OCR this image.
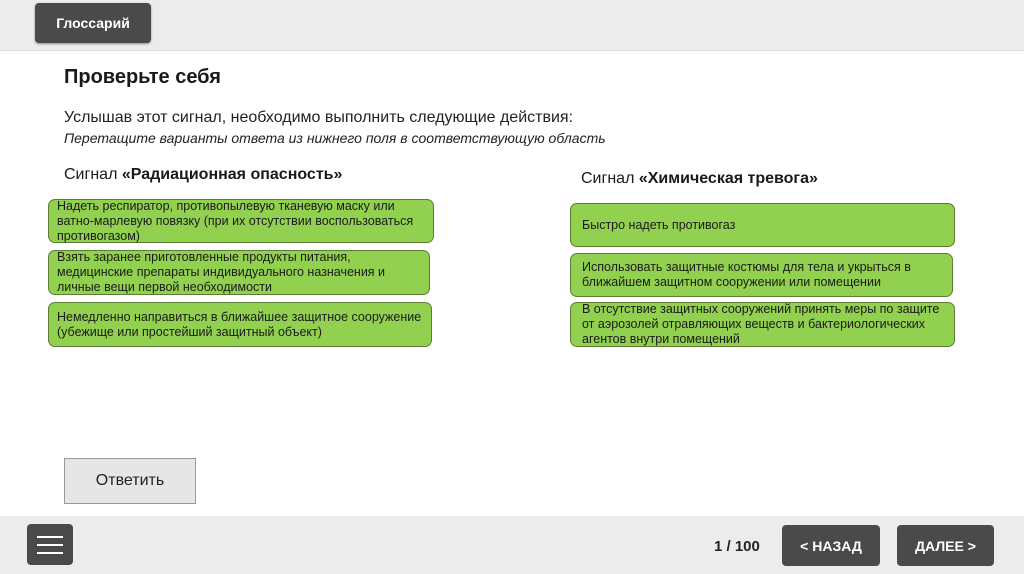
Глоссарий
Проверьте себя
Услышав этот сигнал, необходимо выполнить следующие действия:
Перетащите варианты ответа из нижнего поля в соответствующую область
Сигнал «Радиационная опасность»
Надеть респиратор, противопылевую тканевую маску или ватно-марлевую повязку (при их отсутствии воспользоваться противогазом)
Взять заранее приготовленные продукты питания, медицинские препараты индивидуального назначения и личные вещи первой необходимости
Немедленно направиться в ближайшее защитное сооружение (убежище или простейший защитный объект)
Сигнал «Химическая тревога»
Быстро надеть противогаз
Использовать защитные костюмы для тела и укрыться в ближайшем защитном сооружении или помещении
В отсутствие защитных сооружений принять меры по защите от аэрозолей отравляющих веществ и бактериологических агентов внутри помещений
Ответить
1 / 100	< НАЗАД	ДАЛЕЕ >
